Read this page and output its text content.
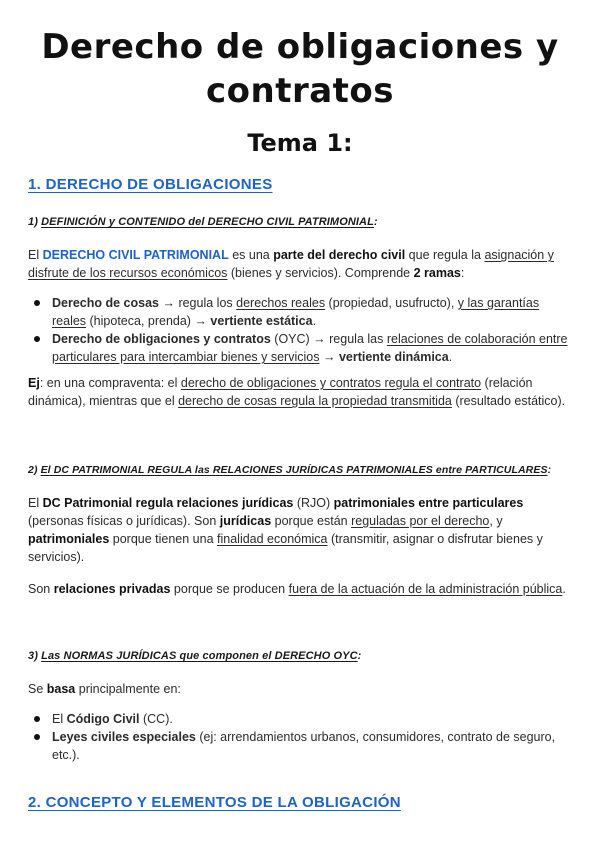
Derecho de obligaciones y
contratos
Tema 1:
1. DERECHO DE OBLIGACIONES
1) DEFINICIÓN y CONTENIDO del DERECHO CIVIL PATRIMONIAL:
El DERECHO CIVIL PATRIMONIAL es una parte del derecho civil que regula la asignación y disfrute de los recursos económicos (bienes y servicios). Comprende 2 ramas:
Derecho de cosas → regula los derechos reales (propiedad, usufructo), y las garantías reales (hipoteca, prenda) → vertiente estática.
Derecho de obligaciones y contratos (OYC) → regula las relaciones de colaboración entre particulares para intercambiar bienes y servicios → vertiente dinámica.
Ej: en una compraventa: el derecho de obligaciones y contratos regula el contrato (relación dinámica), mientras que el derecho de cosas regula la propiedad transmitida (resultado estático).
2) El DC PATRIMONIAL REGULA las RELACIONES JURÍDICAS PATRIMONIALES entre PARTICULARES:
El DC Patrimonial regula relaciones jurídicas (RJO) patrimoniales entre particulares (personas físicas o jurídicas). Son jurídicas porque están reguladas por el derecho, y patrimoniales porque tienen una finalidad económica (transmitir, asignar o disfrutar bienes y servicios).
Son relaciones privadas porque se producen fuera de la actuación de la administración pública.
3) Las NORMAS JURÍDICAS que componen el DERECHO OYC:
Se basa principalmente en:
El Código Civil (CC).
Leyes civiles especiales (ej: arrendamientos urbanos, consumidores, contrato de seguro, etc.).
2. CONCEPTO Y ELEMENTOS DE LA OBLIGACIÓN
